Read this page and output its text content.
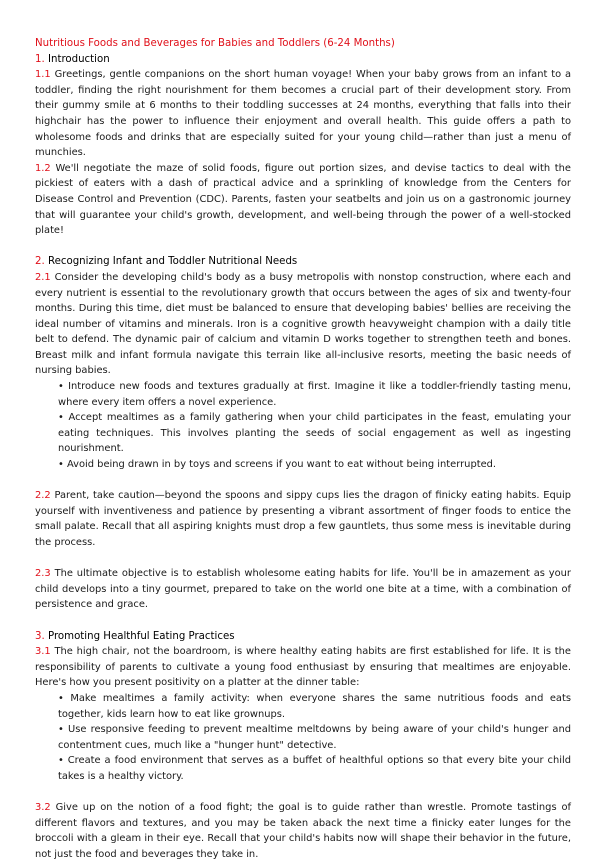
Nutritious Foods and Beverages for Babies and Toddlers (6-24 Months)
1. Introduction

1.1 Greetings, gentle companions on the short human voyage! When your baby grows from an infant to a toddler, finding the right nourishment for them becomes a crucial part of their development story. From their gummy smile at 6 months to their toddling successes at 24 months, everything that falls into their highchair has the power to influence their enjoyment and overall health. This guide offers a path to wholesome foods and drinks that are especially suited for your young child—rather than just a menu of munchies.

1.2 We'll negotiate the maze of solid foods, figure out portion sizes, and devise tactics to deal with the pickiest of eaters with a dash of practical advice and a sprinkling of knowledge from the Centers for Disease Control and Prevention (CDC). Parents, fasten your seatbelts and join us on a gastronomic journey that will guarantee your child's growth, development, and well-being through the power of a well-stocked plate!

2. Recognizing Infant and Toddler Nutritional Needs

2.1 Consider the developing child's body as a busy metropolis with nonstop construction, where each and every nutrient is essential to the revolutionary growth that occurs between the ages of six and twenty-four months. During this time, diet must be balanced to ensure that developing babies' bellies are receiving the ideal number of vitamins and minerals. Iron is a cognitive growth heavyweight champion with a daily title belt to defend. The dynamic pair of calcium and vitamin D works together to strengthen teeth and bones. Breast milk and infant formula navigate this terrain like all-inclusive resorts, meeting the basic needs of nursing babies.

• Introduce new foods and textures gradually at first. Imagine it like a toddler-friendly tasting menu, where every item offers a novel experience.
• Accept mealtimes as a family gathering when your child participates in the feast, emulating your eating techniques. This involves planting the seeds of social engagement as well as ingesting nourishment.
• Avoid being drawn in by toys and screens if you want to eat without being interrupted.

2.2 Parent, take caution—beyond the spoons and sippy cups lies the dragon of finicky eating habits. Equip yourself with inventiveness and patience by presenting a vibrant assortment of finger foods to entice the small palate. Recall that all aspiring knights must drop a few gauntlets, thus some mess is inevitable during the process.

2.3 The ultimate objective is to establish wholesome eating habits for life. You'll be in amazement as your child develops into a tiny gourmet, prepared to take on the world one bite at a time, with a combination of persistence and grace.

3. Promoting Healthful Eating Practices

3.1 The high chair, not the boardroom, is where healthy eating habits are first established for life. It is the responsibility of parents to cultivate a young food enthusiast by ensuring that mealtimes are enjoyable. Here's how you present positivity on a platter at the dinner table:

• Make mealtimes a family activity: when everyone shares the same nutritious foods and eats together, kids learn how to eat like grownups.
• Use responsive feeding to prevent mealtime meltdowns by being aware of your child's hunger and contentment cues, much like a "hunger hunt" detective.
• Create a food environment that serves as a buffet of healthful options so that every bite your child takes is a healthy victory.

3.2 Give up on the notion of a food fight; the goal is to guide rather than wrestle. Promote tastings of different flavors and textures, and you may be taken aback the next time a finicky eater lunges for the broccoli with a gleam in their eye. Recall that your child's habits now will shape their behavior in the future, not just the food and beverages they take in.
